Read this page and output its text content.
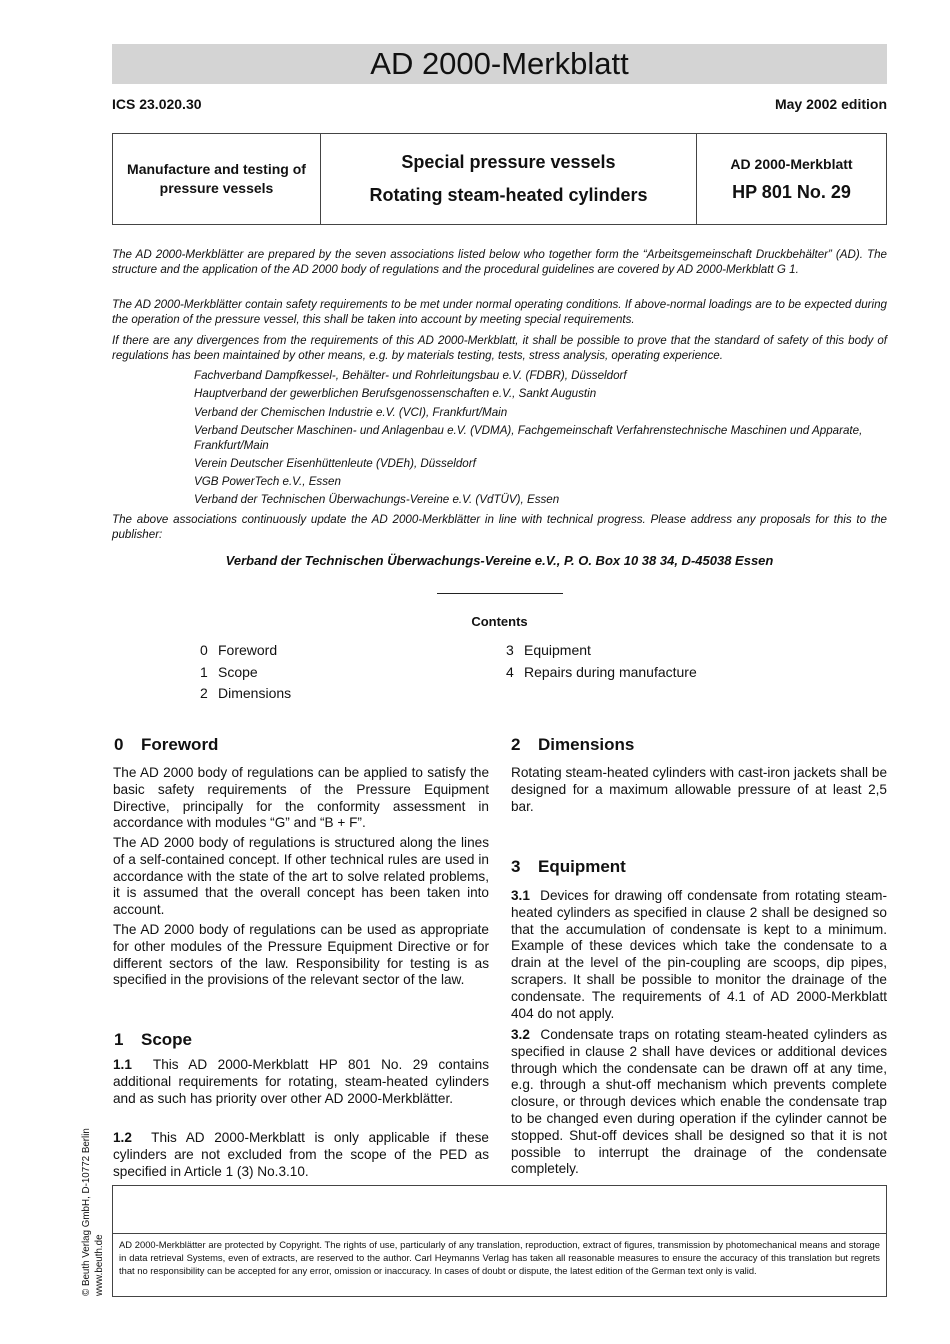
AD 2000-Merkblatt
ICS 23.020.30	May 2002 edition
Manufacture and testing of pressure vessels
Special pressure vessels
Rotating steam-heated cylinders
AD 2000-Merkblatt
HP 801 No. 29
The AD 2000-Merkblätter are prepared by the seven associations listed below who together form the “Arbeitsgemeinschaft Druckbehälter” (AD). The structure and the application of the AD 2000 body of regulations and the procedural guidelines are covered by AD 2000-Merkblatt G 1.
The AD 2000-Merkblätter contain safety requirements to be met under normal operating conditions. If above-normal loadings are to be expected during the operation of the pressure vessel, this shall be taken into account by meeting special requirements.
If there are any divergences from the requirements of this AD 2000-Merkblatt, it shall be possible to prove that the standard of safety of this body of regulations has been maintained by other means, e.g. by materials testing, tests, stress analysis, operating experience.
Fachverband Dampfkessel-, Behälter- und Rohrleitungsbau e.V. (FDBR), Düsseldorf
Hauptverband der gewerblichen Berufsgenossenschaften e.V., Sankt Augustin
Verband der Chemischen Industrie e.V. (VCI), Frankfurt/Main
Verband Deutscher Maschinen- und Anlagenbau e.V. (VDMA), Fachgemeinschaft Verfahrenstechnische Maschinen und Apparate, Frankfurt/Main
Verein Deutscher Eisenhüttenleute (VDEh), Düsseldorf
VGB PowerTech e.V., Essen
Verband der Technischen Überwachungs-Vereine e.V. (VdTÜV), Essen
The above associations continuously update the AD 2000-Merkblätter in line with technical progress. Please address any proposals for this to the publisher:
Verband der Technischen Überwachungs-Vereine e.V., P. O. Box 10 38 34, D-45038 Essen
Contents
0 Foreword
1 Scope
2 Dimensions
3 Equipment
4 Repairs during manufacture
0 Foreword
The AD 2000 body of regulations can be applied to satisfy the basic safety requirements of the Pressure Equipment Directive, principally for the conformity assessment in accordance with modules “G” and “B + F”.
The AD 2000 body of regulations is structured along the lines of a self-contained concept. If other technical rules are used in accordance with the state of the art to solve related problems, it is assumed that the overall concept has been taken into account.
The AD 2000 body of regulations can be used as appropriate for other modules of the Pressure Equipment Directive or for different sectors of the law. Responsibility for testing is as specified in the provisions of the relevant sector of the law.
1 Scope
1.1 This AD 2000-Merkblatt HP 801 No. 29 contains additional requirements for rotating, steam-heated cylinders and as such has priority over other AD 2000-Merkblätter.
1.2 This AD 2000-Merkblatt is only applicable if these cylinders are not excluded from the scope of the PED as specified in Article 1 (3) No.3.10.
2 Dimensions
Rotating steam-heated cylinders with cast-iron jackets shall be designed for a maximum allowable pressure of at least 2,5 bar.
3 Equipment
3.1 Devices for drawing off condensate from rotating steam-heated cylinders as specified in clause 2 shall be designed so that the accumulation of condensate is kept to a minimum. Example of these devices which take the condensate to a drain at the level of the pin-coupling are scoops, dip pipes, scrapers. It shall be possible to monitor the drainage of the condensate. The requirements of 4.1 of AD 2000-Merkblatt 404 do not apply.
3.2 Condensate traps on rotating steam-heated cylinders as specified in clause 2 shall have devices or additional devices through which the condensate can be drawn off at any time, e.g. through a shut-off mechanism which prevents complete closure, or through devices which enable the condensate trap to be changed even during operation if the cylinder cannot be stopped. Shut-off devices shall be designed so that it is not possible to interrupt the drainage of the condensate completely.
AD 2000-Merkblätter are protected by Copyright. The rights of use, particularly of any translation, reproduction, extract of figures, transmission by photomechanical means and storage in data retrieval Systems, even of extracts, are reserved to the author. Carl Heymanns Verlag has taken all reasonable measures to ensure the accuracy of this translation but regrets that no responsibility can be accepted for any error, omission or inaccuracy. In cases of doubt or dispute, the latest edition of the German text only is valid.
© Beuth Verlag GmbH, D-10772 Berlin www.beuth.de
